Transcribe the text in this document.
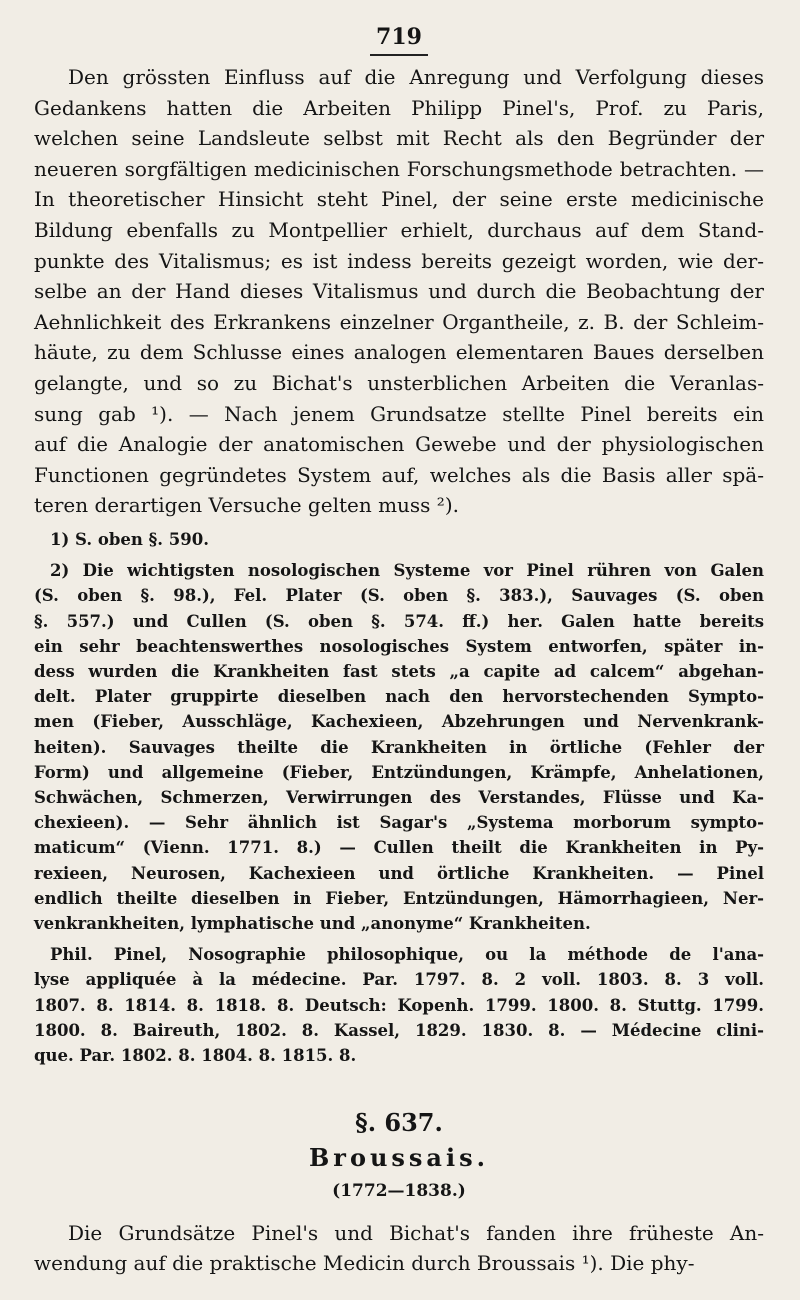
719
Den grössten Einfluss auf die Anregung und Verfolgung dieses
Gedankens hatten die Arbeiten Philipp Pinel's, Prof. zu Paris,
welchen seine Landsleute selbst mit Recht als den Begründer der
neueren sorgfältigen medicinischen Forschungsmethode betrachten. —
In theoretischer Hinsicht steht Pinel, der seine erste medicinische
Bildung ebenfalls zu Montpellier erhielt, durchaus auf dem Stand-
punkte des Vitalismus; es ist indess bereits gezeigt worden, wie der-
selbe an der Hand dieses Vitalismus und durch die Beobachtung der
Aehnlichkeit des Erkrankens einzelner Organtheile, z. B. der Schleim-
häute, zu dem Schlusse eines analogen elementaren Baues derselben
gelangte, und so zu Bichat's unsterblichen Arbeiten die Veranlas-
sung gab ¹). — Nach jenem Grundsatze stellte Pinel bereits ein
auf die Analogie der anatomischen Gewebe und der physiologischen
Functionen gegründetes System auf, welches als die Basis aller spä-
teren derartigen Versuche gelten muss ²).
1) S. oben §. 590.
2) Die wichtigsten nosologischen Systeme vor Pinel rühren von Galen
(S. oben §. 98.), Fel. Plater (S. oben §. 383.), Sauvages (S. oben
§. 557.) und Cullen (S. oben §. 574. ff.) her. Galen hatte bereits
ein sehr beachtenswerthes nosologisches System entworfen, später in-
dess wurden die Krankheiten fast stets „a capite ad calcem“ abgehan-
delt. Plater gruppirte dieselben nach den hervorstechenden Sympto-
men (Fieber, Ausschläge, Kachexieen, Abzehrungen und Nervenkrank-
heiten). Sauvages theilte die Krankheiten in örtliche (Fehler der
Form) und allgemeine (Fieber, Entzündungen, Krämpfe, Anhelationen,
Schwächen, Schmerzen, Verwirrungen des Verstandes, Flüsse und Ka-
chexieen). — Sehr ähnlich ist Sagar's „Systema morborum sympto-
maticum“ (Vienn. 1771. 8.) — Cullen theilt die Krankheiten in Py-
rexieen, Neurosen, Kachexieen und örtliche Krankheiten. — Pinel
endlich theilte dieselben in Fieber, Entzündungen, Hämorrhagieen, Ner-
venkrankheiten, lymphatische und „anonyme“ Krankheiten.
Phil. Pinel, Nosographie philosophique, ou la méthode de l'ana-
lyse appliquée à la médecine. Par. 1797. 8. 2 voll. 1803. 8. 3 voll.
1807. 8. 1814. 8. 1818. 8. Deutsch: Kopenh. 1799. 1800. 8. Stuttg. 1799.
1800. 8. Baireuth, 1802. 8. Kassel, 1829. 1830. 8. — Médecine clini-
que. Par. 1802. 8. 1804. 8. 1815. 8.
§. 637.
Broussais.
(1772—1838.)
Die Grundsätze Pinel's und Bichat's fanden ihre früheste An-
wendung auf die praktische Medicin durch Broussais ¹). Die phy-
